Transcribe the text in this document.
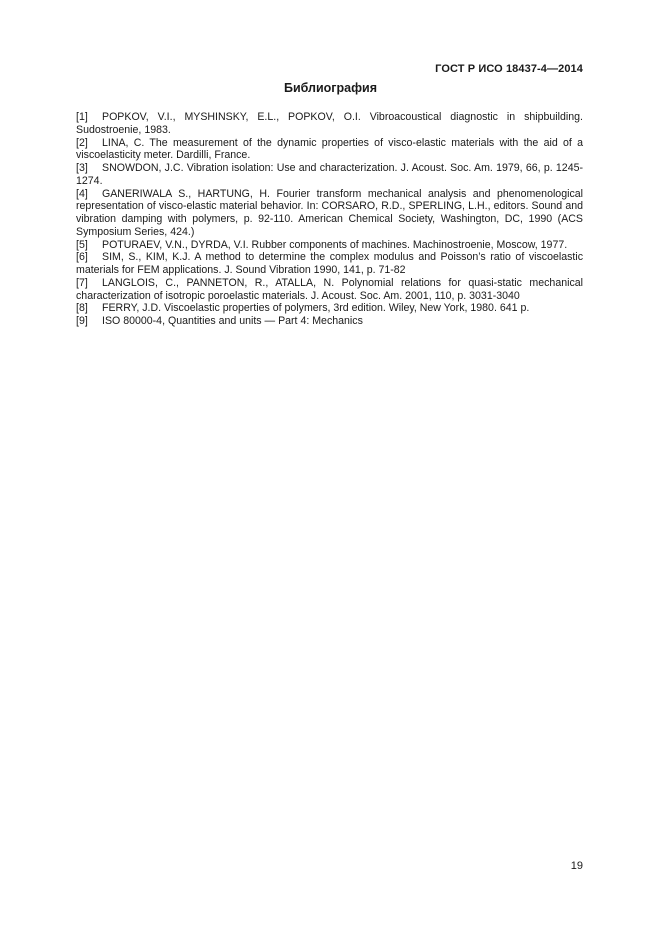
ГОСТ Р ИСО 18437-4—2014
Библиография

[1] POPKOV, V.I., MYSHINSKY, E.L., POPKOV, O.I. Vibroacoustical diagnostic in shipbuilding. Sudostroenie, 1983.

[2] LINA, C. The measurement of the dynamic properties of visco-elastic materials with the aid of a viscoelasticity meter. Dardilli, France.

[3] SNOWDON, J.C. Vibration isolation: Use and characterization. J. Acoust. Soc. Am. 1979, 66, p. 1245-1274.

[4] GANERIWALA S., HARTUNG, H. Fourier transform mechanical analysis and phenomenological representation of visco-elastic material behavior. In: CORSARO, R.D., SPERLING, L.H., editors. Sound and vibration damping with polymers, p. 92-110. American Chemical Society, Washington, DC, 1990 (ACS Symposium Series, 424.)

[5] POTURAEV, V.N., DYRDA, V.I. Rubber components of machines. Machinostroenie, Moscow, 1977.

[6] SIM, S., KIM, K.J. A method to determine the complex modulus and Poisson’s ratio of viscoelastic materials for FEM applications. J. Sound Vibration 1990, 141, p. 71-82

[7] LANGLOIS, C., PANNETON, R., ATALLA, N. Polynomial relations for quasi-static mechanical characterization of isotropic poroelastic materials. J. Acoust. Soc. Am. 2001, 110, p. 3031-3040

[8] FERRY, J.D. Viscoelastic properties of polymers, 3rd edition. Wiley, New York, 1980. 641 p.

[9] ISO 80000-4, Quantities and units — Part 4: Mechanics

19
